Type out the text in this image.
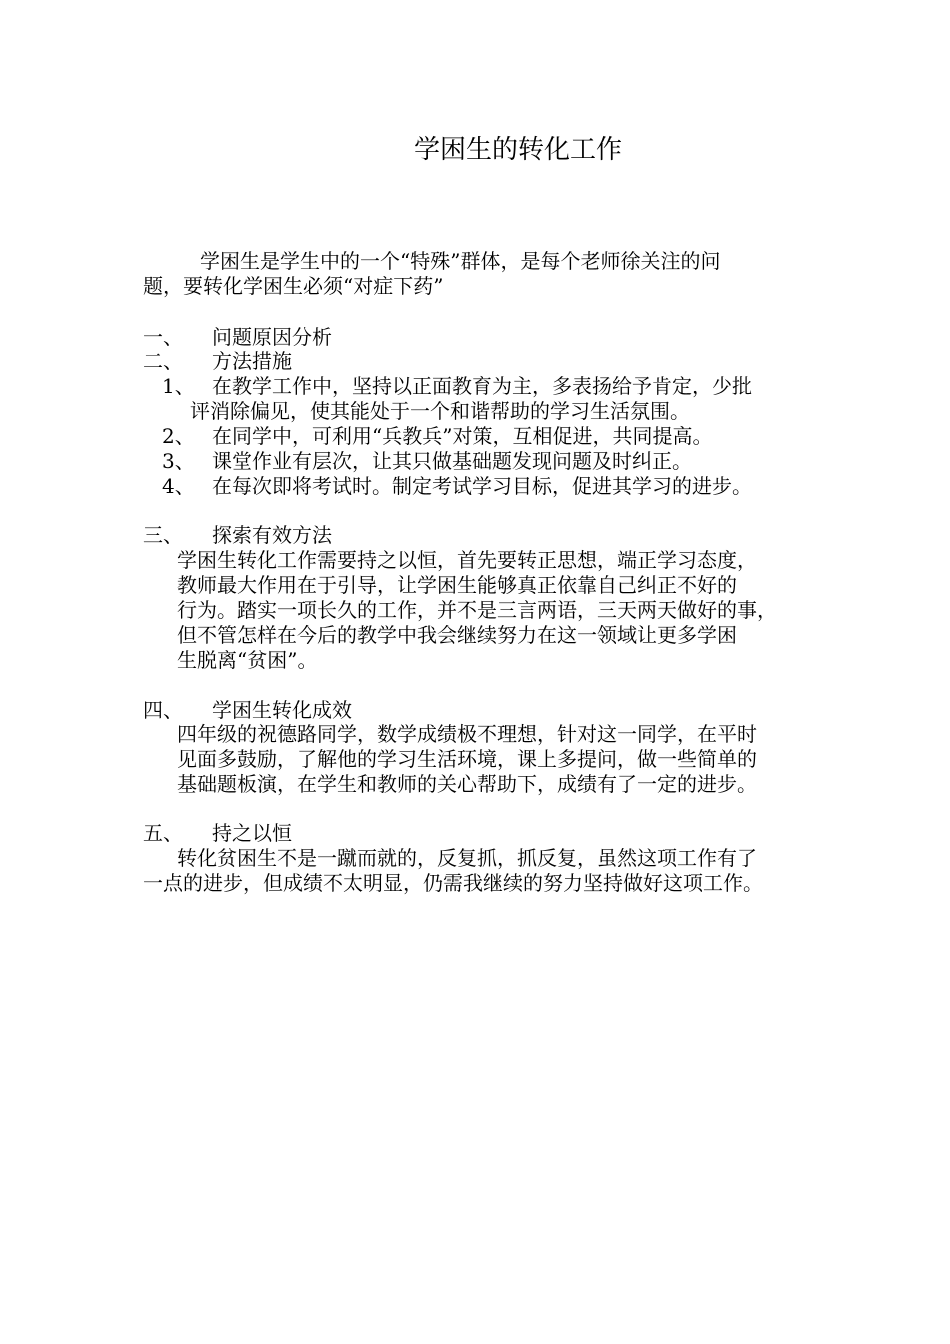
学困生的转化工作

学困生是学生中的一个“特殊”群体，是每个老师徐关注的问

题，要转化学困生必须“对症下药”

一、 问题原因分析

二、 方法措施

1、 在教学工作中，坚持以正面教育为主，多表扬给予肯定，少批

评消除偏见，使其能处于一个和谐帮助的学习生活氛围。

2、 在同学中，可利用“兵教兵”对策，互相促进，共同提高。

3、 课堂作业有层次，让其只做基础题发现问题及时纠正。

4、 在每次即将考试时。制定考试学习目标，促进其学习的进步。

三、 探索有效方法

学困生转化工作需要持之以恒，首先要转正思想，端正学习态度，

教师最大作用在于引导，让学困生能够真正依靠自己纠正不好的

行为。踏实一项长久的工作，并不是三言两语，三天两天做好的事，

但不管怎样在今后的教学中我会继续努力在这一领域让更多学困

生脱离“贫困”。

四、 学困生转化成效

四年级的祝德路同学，数学成绩极不理想，针对这一同学，在平时

见面多鼓励，了解他的学习生活环境，课上多提问，做一些简单的

基础题板演，在学生和教师的关心帮助下，成绩有了一定的进步。

五、 持之以恒

转化贫困生不是一蹴而就的，反复抓，抓反复，虽然这项工作有了

一点的进步，但成绩不太明显，仍需我继续的努力坚持做好这项工作。
